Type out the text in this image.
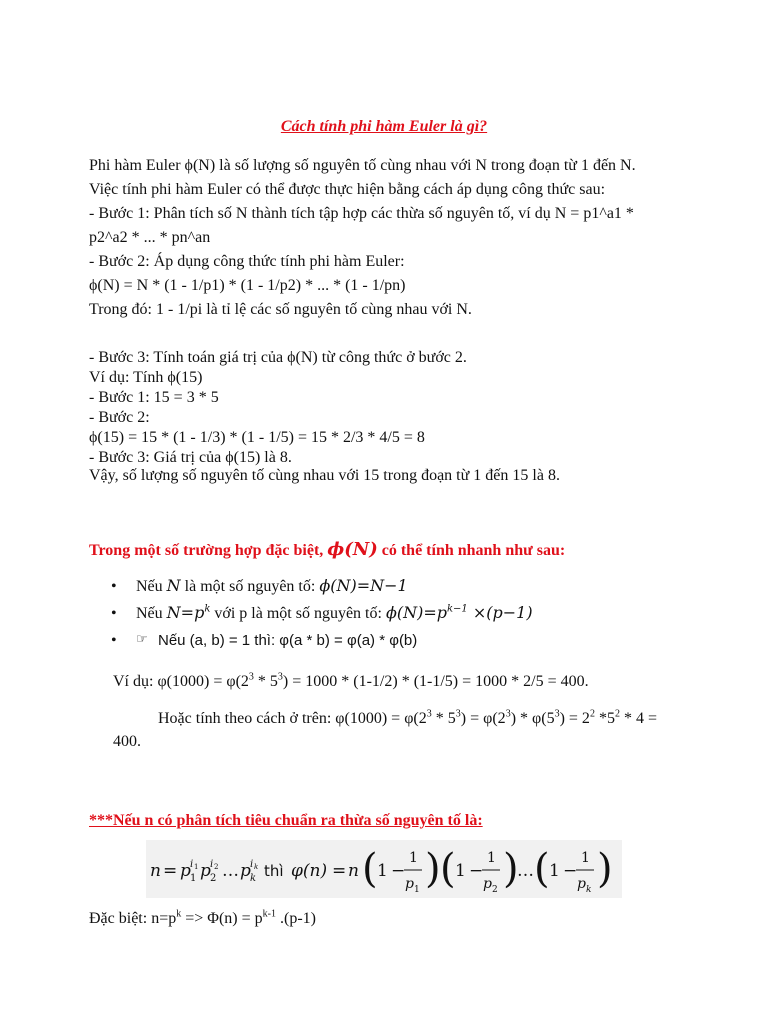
Cách tính phi hàm Euler là gì?
Phi hàm Euler ϕ(N) là số lượng số nguyên tố cùng nhau với N trong đoạn từ 1 đến N.
Việc tính phi hàm Euler có thể được thực hiện bằng cách áp dụng công thức sau:
- Bước 1: Phân tích số N thành tích tập hợp các thừa số nguyên tố, ví dụ N = p1^a1 *
p2^a2 * ... * pn^an
- Bước 2: Áp dụng công thức tính phi hàm Euler:
ϕ(N) = N * (1 - 1/p1) * (1 - 1/p2) * ... * (1 - 1/pn)
Trong đó: 1 - 1/pi là tỉ lệ các số nguyên tố cùng nhau với N.
- Bước 3: Tính toán giá trị của ϕ(N) từ công thức ở bước 2.
Ví dụ: Tính ϕ(15)
- Bước 1: 15 = 3 * 5
- Bước 2:
ϕ(15) = 15 * (1 - 1/3) * (1 - 1/5) = 15 * 2/3 * 4/5 = 8
- Bước 3: Giá trị của ϕ(15) là 8.
Vậy, số lượng số nguyên tố cùng nhau với 15 trong đoạn từ 1 đến 15 là 8.
Trong một số trường hợp đặc biệt, ϕ(N) có thể tính nhanh như sau:
• Nếu N là một số nguyên tố: ϕ(N)=N−1
• Nếu $N=p^k$ với p là một số nguyên tố: $\phi(N)=p^{k-1} \times(p-1)$
• ☞ Nếu (a, b) = 1 thì: φ(a * b) = φ(a) * φ(b)
Ví dụ: $\varphi(1000) = \varphi(2^3 * 5^3) = 1000 * (1-1/2) * (1-1/5) = 1000 * 2/5 = 400$.
Hoặc tính theo cách ở trên: $\varphi(1000) = \varphi(2^3 * 5^3) = \varphi(2^3) * \varphi(5^3) = 2^2$ $*5^2 * 4$ =
400.
***Nếu n có phân tích tiêu chuẩn ra thừa số nguyên tố là:
n = p i 1
1 p i 2
2 … p i k
k thì φ(n) = n ( 1 −
1
p 1 ) ( 1 −
1
p 2 )
… ( 1 −
1
p k )
Đặc biệt: $n=p^k => \Phi(n) = p^{k-1}$ .(p-1)
